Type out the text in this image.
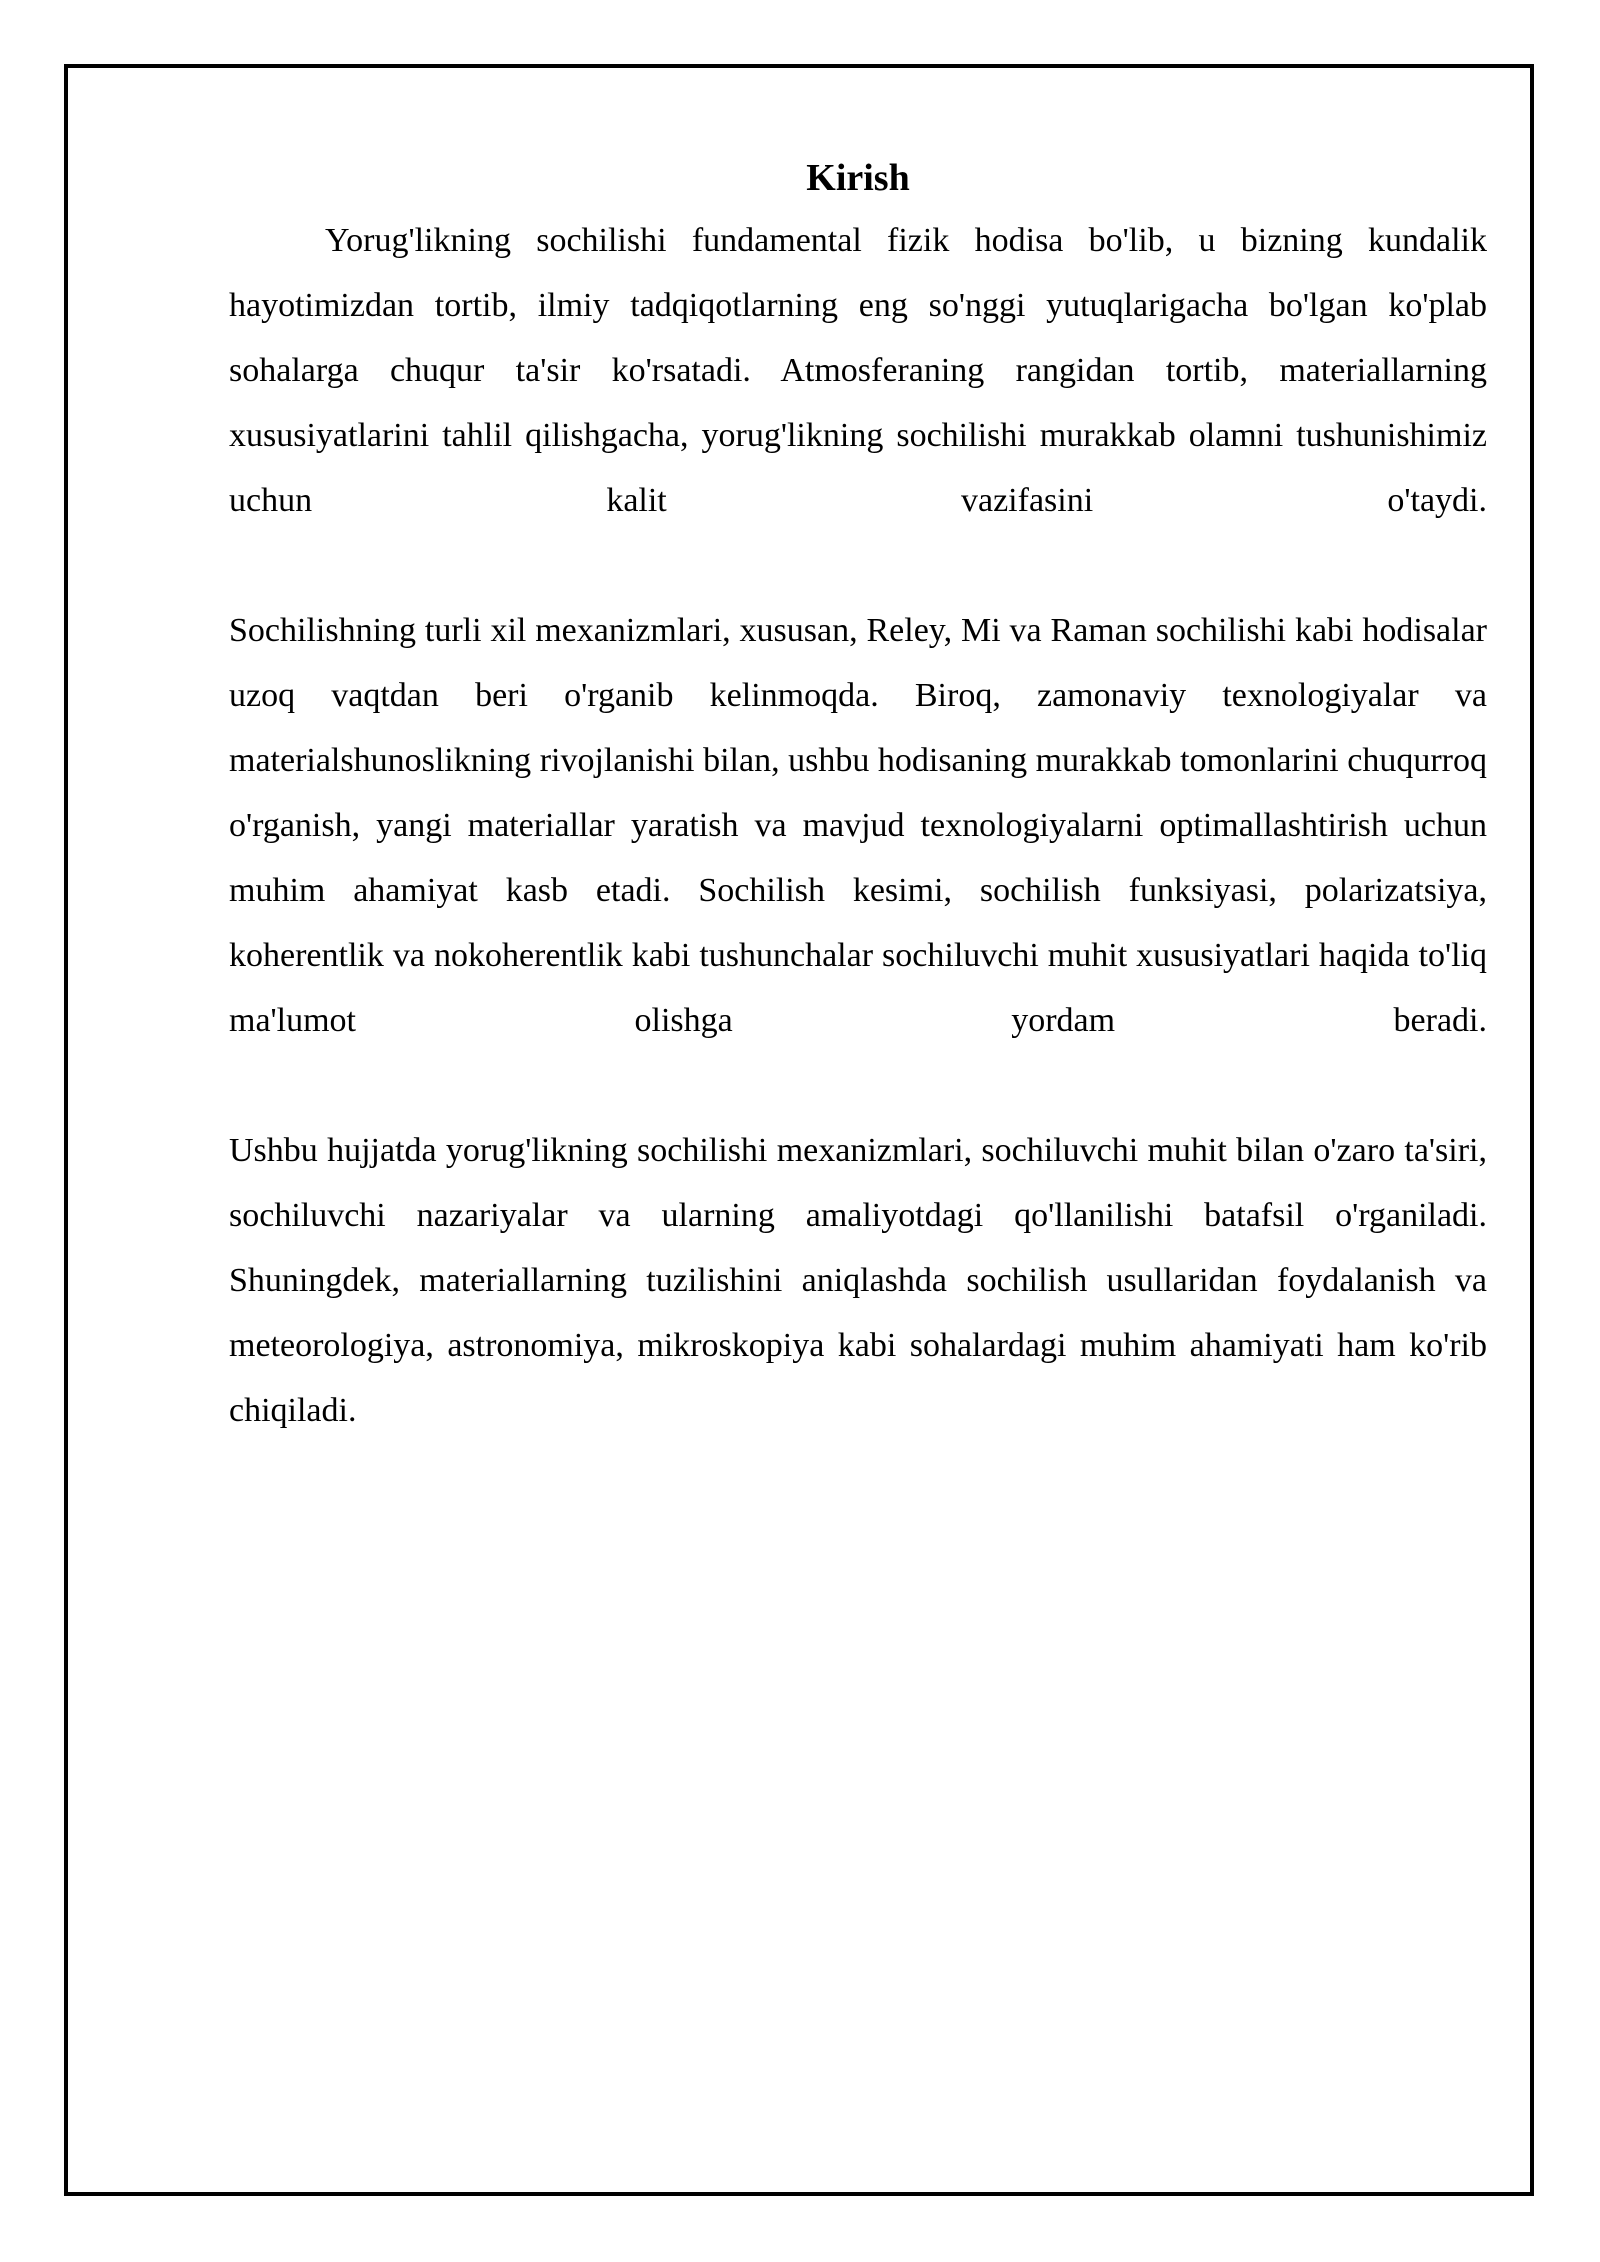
Kirish

Yorug'likning sochilishi fundamental fizik hodisa bo'lib, u bizning kundalik hayotimizdan tortib, ilmiy tadqiqotlarning eng so'nggi yutuqlarigacha bo'lgan ko'plab sohalarga chuqur ta'sir ko'rsatadi. Atmosferaning rangidan tortib, materiallarning xususiyatlarini tahlil qilishgacha, yorug'likning sochilishi murakkab olamni tushunishimiz uchun kalit vazifasini o'taydi.

Sochilishning turli xil mexanizmlari, xususan, Reley, Mi va Raman sochilishi kabi hodisalar uzoq vaqtdan beri o'rganib kelinmoqda. Biroq, zamonaviy texnologiyalar va materialshunoslikning rivojlanishi bilan, ushbu hodisaning murakkab tomonlarini chuqurroq o'rganish, yangi materiallar yaratish va mavjud texnologiyalarni optimallashtirish uchun muhim ahamiyat kasb etadi. Sochilish kesimi, sochilish funksiyasi, polarizatsiya, koherentlik va nokoherentlik kabi tushunchalar sochiluvchi muhit xususiyatlari haqida to'liq ma'lumot olishga yordam beradi.

Ushbu hujjatda yorug'likning sochilishi mexanizmlari, sochiluvchi muhit bilan o'zaro ta'siri, sochiluvchi nazariyalar va ularning amaliyotdagi qo'llanilishi batafsil o'rganiladi. Shuningdek, materiallarning tuzilishini aniqlashda sochilish usullaridan foydalanish va meteorologiya, astronomiya, mikroskopiya kabi sohalardagi muhim ahamiyati ham ko'rib chiqiladi.
